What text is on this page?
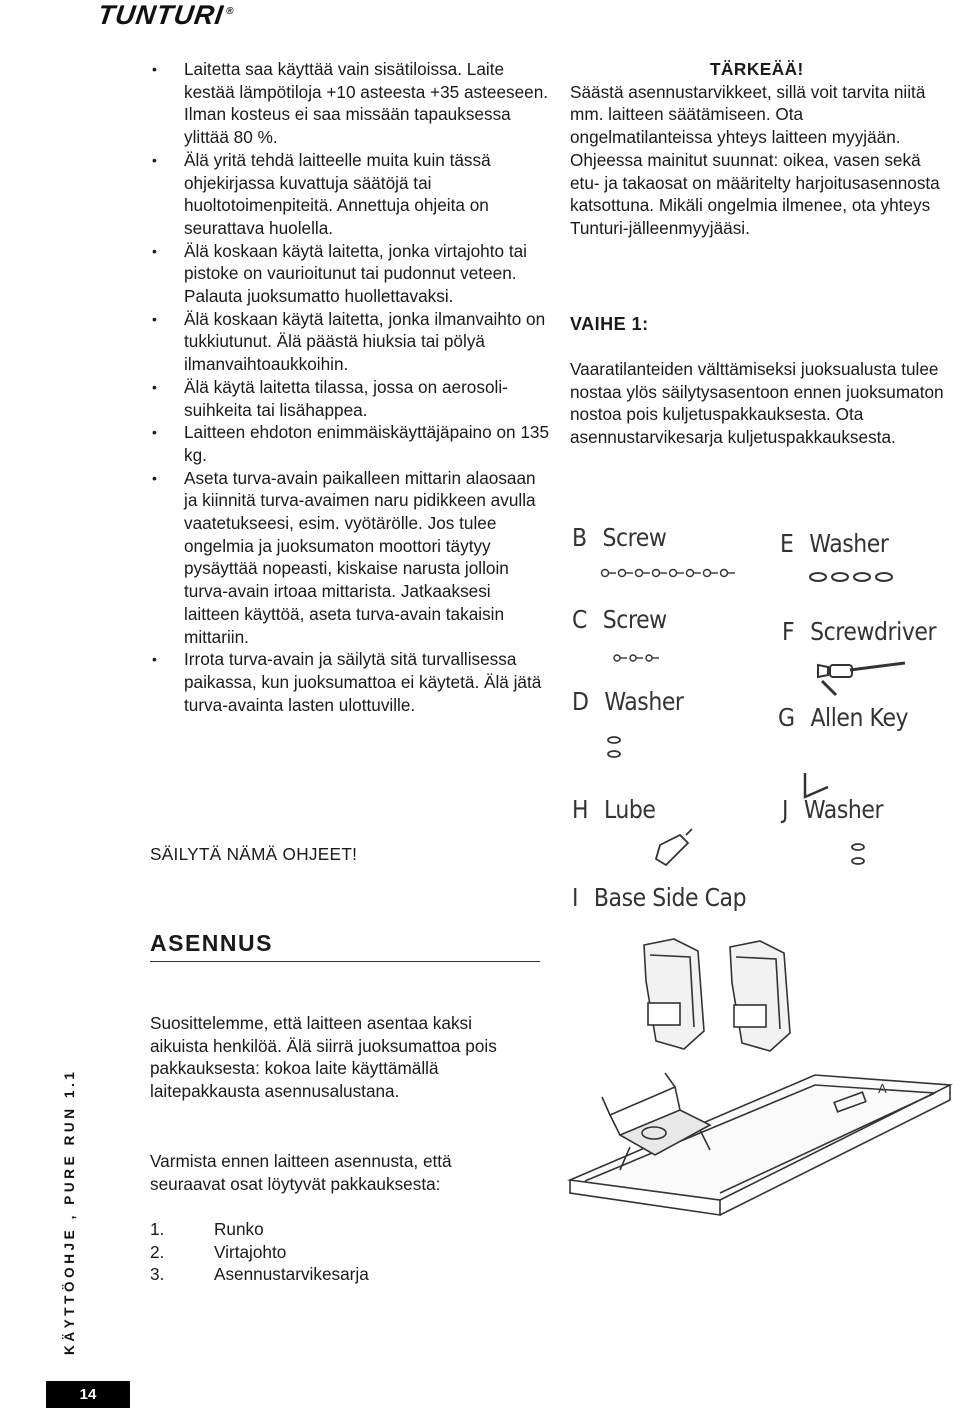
TUNTURI®
• Laitetta saa käyttää vain sisätiloissa. Laite kestää lämpötiloja +10 asteesta +35 asteeseen. Ilman kosteus ei saa missään tapauksessa ylittää 80 %.
• Älä yritä tehdä laitteelle muita kuin tässä ohjekirjassa kuvattuja säätöjä tai huoltotoimenpiteitä. Annettuja ohjeita on seurattava huolella.
• Älä koskaan käytä laitetta, jonka virtajohto tai pistoke on vaurioitunut tai pudonnut veteen. Palauta juoksumatto huollettavaksi.
• Älä koskaan käytä laitetta, jonka ilmanvaihto on tukkiutunut. Älä päästä hiuksia tai pölyä ilmanvaihtoaukkoihin.
• Älä käytä laitetta tilassa, jossa on aerosoli-suihkeita tai lisähappea.
• Laitteen ehdoton enimmäiskäyttäjäpaino on 135 kg.
• Aseta turva-avain paikalleen mittarin alaosaan ja kiinnitä turva-avaimen naru pidikkeen avulla vaatetukseesi, esim. vyötärölle. Jos tulee ongelmia ja juoksumaton moottori täytyy pysäyttää nopeasti, kiskaise narusta jolloin turva-avain irtoaa mittarista. Jatkaaksesi laitteen käyttöä, aseta turva-avain takaisin mittariin.
• Irrota turva-avain ja säilytä sitä turvallisessa paikassa, kun juoksumattoa ei käytetä. Älä jätä turva-avainta lasten ulottuville.
SÄILYTÄ NÄMÄ OHJEET!
ASENNUS
Suosittelemme, että laitteen asentaa kaksi aikuista henkilöä. Älä siirrä juoksumattoa pois pakkauksesta: kokoa laite käyttämällä laitepakkausta asennusalustana.
Varmista ennen laitteen asennusta, että seuraavat osat löytyvät pakkauksesta:
1.	Runko
2.	Virtajohto
3.	Asennustarvikesarja
TÄRKEÄÄ!
Säästä asennustarvikkeet, sillä voit tarvita niitä mm. laitteen säätämiseen. Ota ongelmatilanteissa yhteys laitteen myyjään. Ohjeessa mainitut suunnat: oikea, vasen sekä etu- ja takaosat on määritelty harjoitusasennosta katsottuna. Mikäli ongelmia ilmenee, ota yhteys Tunturi-jälleenmyyjääsi.
VAIHE 1:
Vaaratilanteiden välttämiseksi juoksualusta tulee nostaa ylös säilytysasentoon ennen juoksumaton nostoa pois kuljetuspakkauksesta. Ota asennustarvikesarja kuljetuspakkauksesta.
B Screw	E Washer
C Screw	F Screwdriver
D Washer
G Allen Key
H Lube	J Washer
I Base Side Cap
A
KÄYTTÖOHJE , PURE RUN 1.1
14
